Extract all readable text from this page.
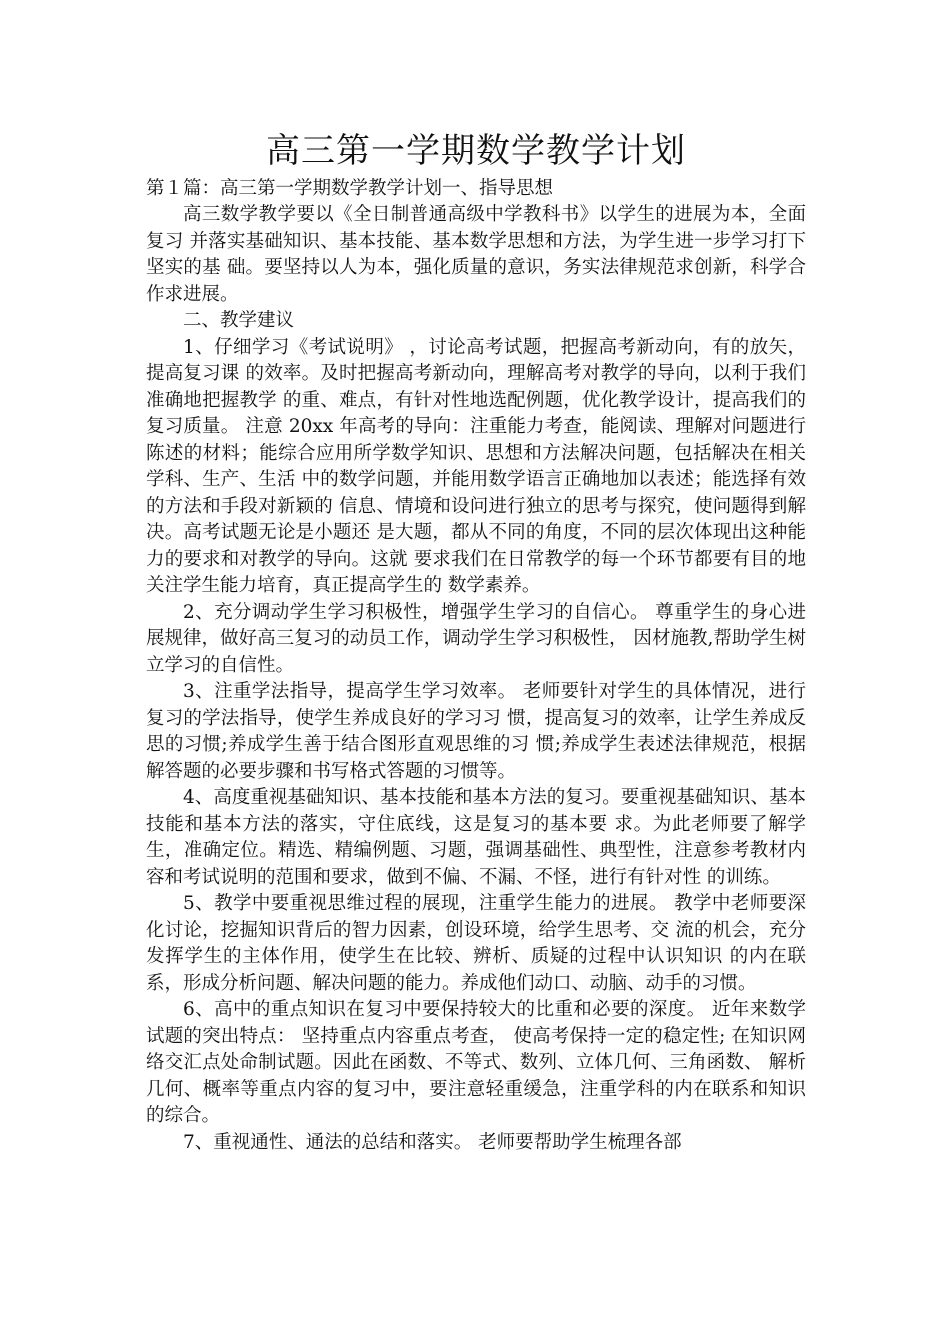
高三第一学期数学教学计划

第１篇：高三第一学期数学教学计划一、指导思想

高三数学教学要以《全日制普通高级中学教科书》以学生的进展为本，全面复习 并落实基础知识、基本技能、基本数学思想和方法，为学生进一步学习打下坚实的基 础。要坚持以人为本，强化质量的意识，务实法律规范求创新，科学合作求进展。

二、教学建议

1、仔细学习《考试说明》 ，讨论高考试题，把握高考新动向，有的放矢，提高复习课 的效率。及时把握高考新动向，理解高考对教学的导向，以利于我们准确地把握教学 的重、难点，有针对性地选配例题，优化教学设计，提高我们的复习质量。 注意 20xx 年高考的导向：注重能力考查，能阅读、理解对问题进行陈述的材料；能综合应用所学数学知识、思想和方法解决问题，包括解决在相关学科、生产、生活 中的数学问题，并能用数学语言正确地加以表述；能选择有效的方法和手段对新颖的 信息、情境和设问进行独立的思考与探究，使问题得到解决。高考试题无论是小题还 是大题，都从不同的角度，不同的层次体现出这种能力的要求和对教学的导向。这就 要求我们在日常教学的每一个环节都要有目的地关注学生能力培育，真正提高学生的 数学素养。

2、充分调动学生学习积极性，增强学生学习的自信心。 尊重学生的身心进展规律，做好高三复习的动员工作，调动学生学习积极性， 因材施教,帮助学生树立学习的自信性。

3、注重学法指导，提高学生学习效率。 老师要针对学生的具体情况，进行复习的学法指导，使学生养成良好的学习习 惯，提高复习的效率，让学生养成反思的习惯;养成学生善于结合图形直观思维的习 惯;养成学生表述法律规范，根据解答题的必要步骤和书写格式答题的习惯等。

4、高度重视基础知识、基本技能和基本方法的复习。要重视基础知识、基本技能和基本方法的落实，守住底线，这是复习的基本要 求。为此老师要了解学生，准确定位。精选、精编例题、习题，强调基础性、典型性，注意参考教材内容和考试说明的范围和要求，做到不偏、不漏、不怪，进行有针对性 的训练。

5、教学中要重视思维过程的展现，注重学生能力的进展。 教学中老师要深化讨论，挖掘知识背后的智力因素，创设环境，给学生思考、交 流的机会，充分发挥学生的主体作用，使学生在比较、辨析、质疑的过程中认识知识 的内在联系，形成分析问题、解决问题的能力。养成他们动口、动脑、动手的习惯。

6、高中的重点知识在复习中要保持较大的比重和必要的深度。 近年来数学试题的突出特点： 坚持重点内容重点考查， 使高考保持一定的稳定性; 在知识网络交汇点处命制试题。因此在函数、不等式、数列、立体几何、三角函数、 解析几何、概率等重点内容的复习中，要注意轻重缓急，注重学科的内在联系和知识 的综合。

7、重视通性、通法的总结和落实。 老师要帮助学生梳理各部
